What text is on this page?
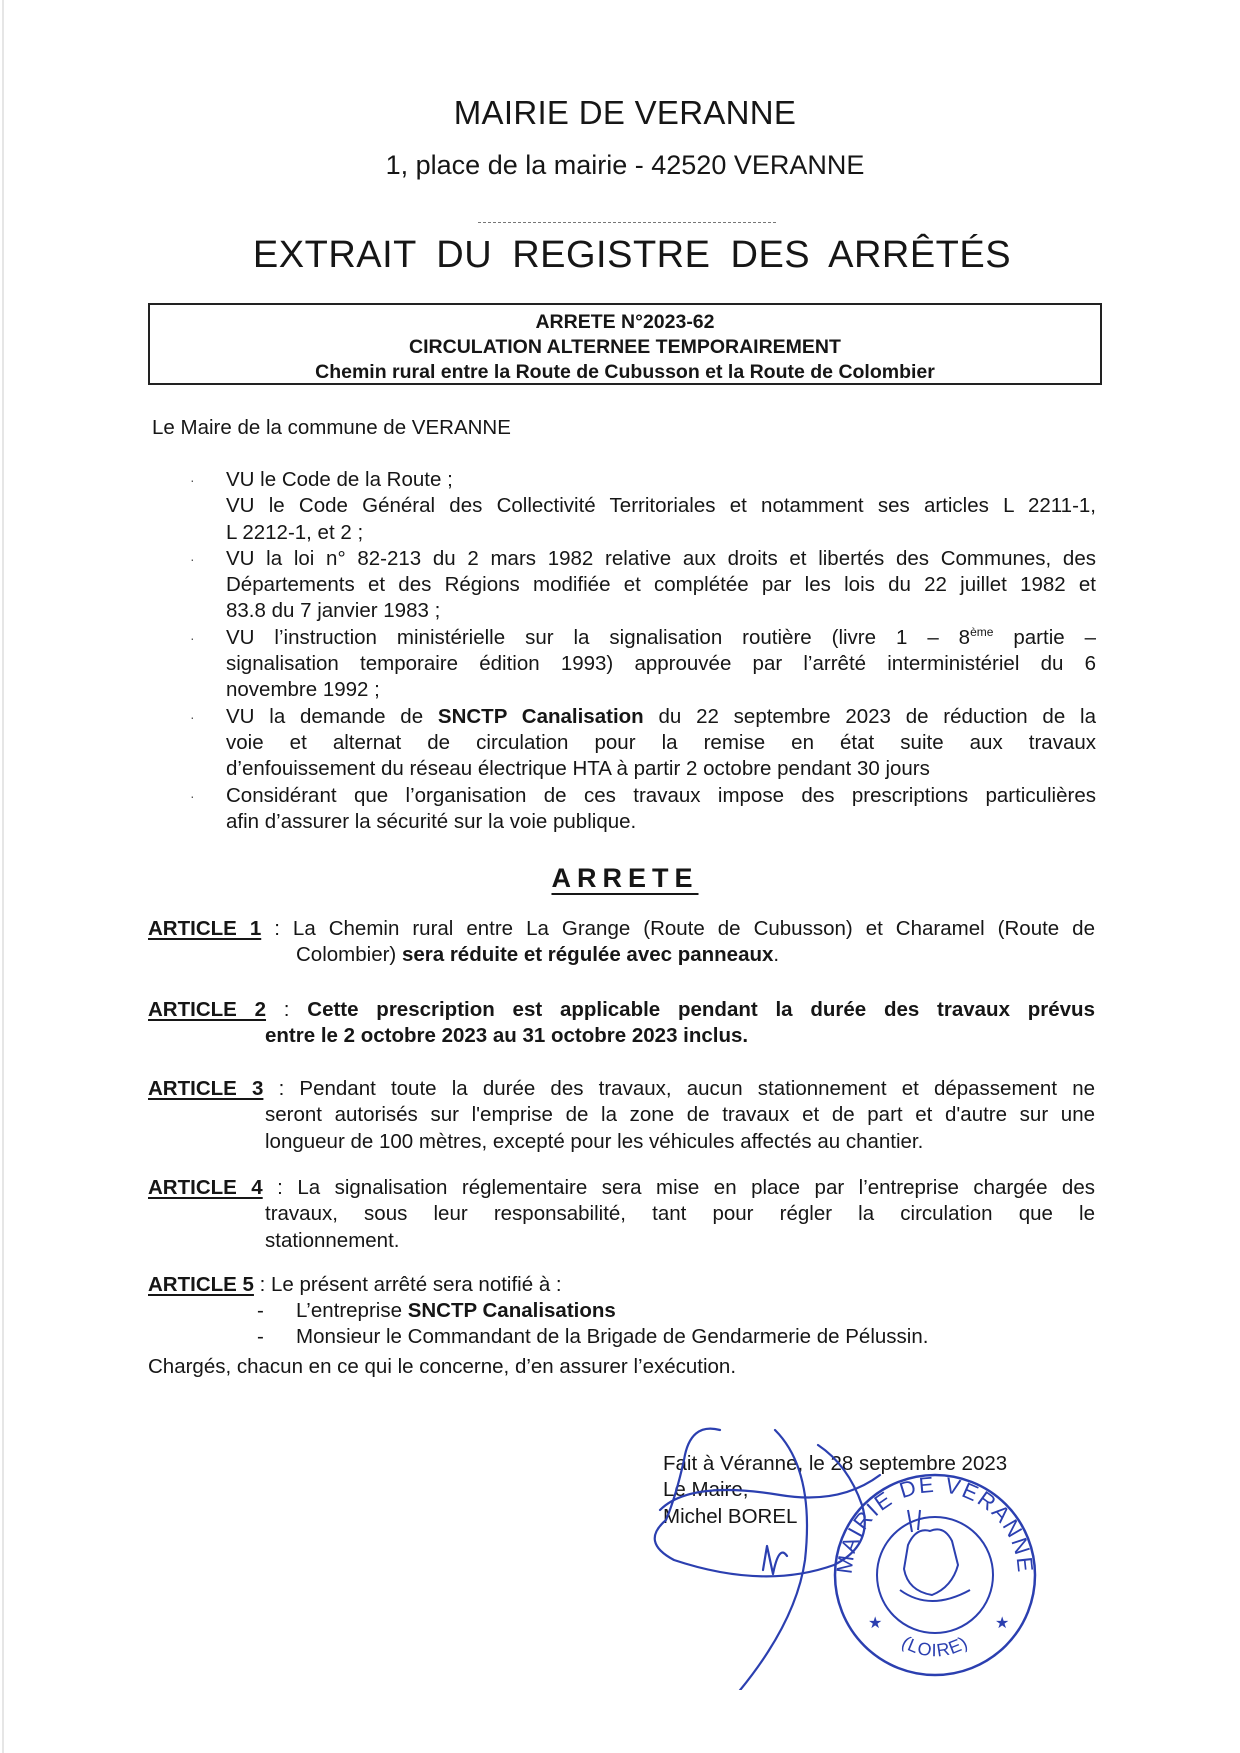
MAIRIE DE VERANNE
1, place de la mairie - 42520 VERANNE
EXTRAIT DU REGISTRE DES ARRÊTÉS
ARRETE N°2023-62
CIRCULATION ALTERNEE TEMPORAIREMENT
Chemin rural entre la Route de Cubusson et la Route de Colombier
Le Maire de la commune de VERANNE
· VU le Code de la Route ;
VU le Code Général des Collectivité Territoriales et notamment ses articles L 2211-1,
L 2212-1, et 2 ;
· VU la loi n° 82-213 du 2 mars 1982 relative aux droits et libertés des Communes, des
Départements et des Régions modifiée et complétée par les lois du 22 juillet 1982 et
83.8 du 7 janvier 1983 ;
· VU l’instruction ministérielle sur la signalisation routière (livre 1 – 8ème partie –
signalisation temporaire édition 1993) approuvée par l’arrêté interministériel du 6
novembre 1992 ;
· VU la demande de SNCTP Canalisation du 22 septembre 2023 de réduction de la
voie et alternat de circulation pour la remise en état suite aux travaux
d’enfouissement du réseau électrique HTA à partir 2 octobre pendant 30 jours
· Considérant que l’organisation de ces travaux impose des prescriptions particulières
afin d’assurer la sécurité sur la voie publique.
ARRETE
ARTICLE 1 : La Chemin rural entre La Grange (Route de Cubusson) et Charamel (Route de
Colombier) sera réduite et régulée avec panneaux.
ARTICLE 2 : Cette prescription est applicable pendant la durée des travaux prévus
entre le 2 octobre 2023 au 31 octobre 2023 inclus.
ARTICLE 3 : Pendant toute la durée des travaux, aucun stationnement et dépassement ne
seront autorisés sur l'emprise de la zone de travaux et de part et d'autre sur une
longueur de 100 mètres, excepté pour les véhicules affectés au chantier.
ARTICLE 4 : La signalisation réglementaire sera mise en place par l’entreprise chargée des
travaux, sous leur responsabilité, tant pour régler la circulation que le
stationnement.
ARTICLE 5 : Le présent arrêté sera notifié à :
- L’entreprise SNCTP Canalisations
- Monsieur le Commandant de la Brigade de Gendarmerie de Pélussin.
Chargés, chacun en ce qui le concerne, d’en assurer l’exécution.
MAIRIE DE VERANNE
(LOIRE)
★	★
Fait à Véranne, le 28 septembre 2023
Le Maire,
Michel BOREL
